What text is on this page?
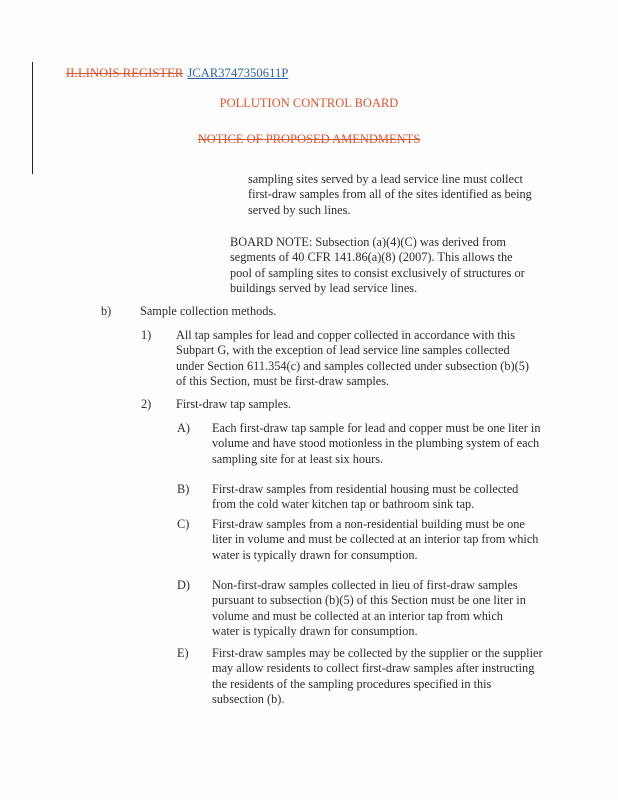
ILLINOIS REGISTER JCAR3747350611P
POLLUTION CONTROL BOARD
NOTICE OF PROPOSED AMENDMENTS
sampling sites served by a lead service line must collect first-draw samples from all of the sites identified as being served by such lines.
BOARD NOTE: Subsection (a)(4)(C) was derived from segments of 40 CFR 141.86(a)(8) (2007). This allows the pool of sampling sites to consist exclusively of structures or buildings served by lead service lines.
b) Sample collection methods.
1) All tap samples for lead and copper collected in accordance with this Subpart G, with the exception of lead service line samples collected under Section 611.354(c) and samples collected under subsection (b)(5) of this Section, must be first-draw samples.
2) First-draw tap samples.
A) Each first-draw tap sample for lead and copper must be one liter in volume and have stood motionless in the plumbing system of each sampling site for at least six hours.
B) First-draw samples from residential housing must be collected from the cold water kitchen tap or bathroom sink tap.
C) First-draw samples from a non-residential building must be one liter in volume and must be collected at an interior tap from which water is typically drawn for consumption.
D) Non-first-draw samples collected in lieu of first-draw samples pursuant to subsection (b)(5) of this Section must be one liter in volume and must be collected at an interior tap from which water is typically drawn for consumption.
E) First-draw samples may be collected by the supplier or the supplier may allow residents to collect first-draw samples after instructing the residents of the sampling procedures specified in this subsection (b).
